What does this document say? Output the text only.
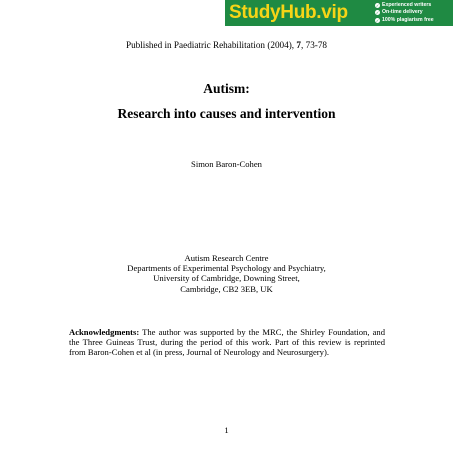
StudyHub.vip	✓ Experienced writers
✓ On-time delivery
✓ 100% plagiarism free
Published in Paediatric Rehabilitation (2004), 7, 73-78
Autism:
Research into causes and intervention
Simon Baron-Cohen
Autism Research Centre
Departments of Experimental Psychology and Psychiatry,
University of Cambridge, Downing Street,
Cambridge, CB2 3EB, UK
Acknowledgments: The author was supported by the MRC, the Shirley Foundation, and the Three Guineas Trust, during the period of this work. Part of this review is reprinted from Baron-Cohen et al (in press, Journal of Neurology and Neurosurgery).
1
